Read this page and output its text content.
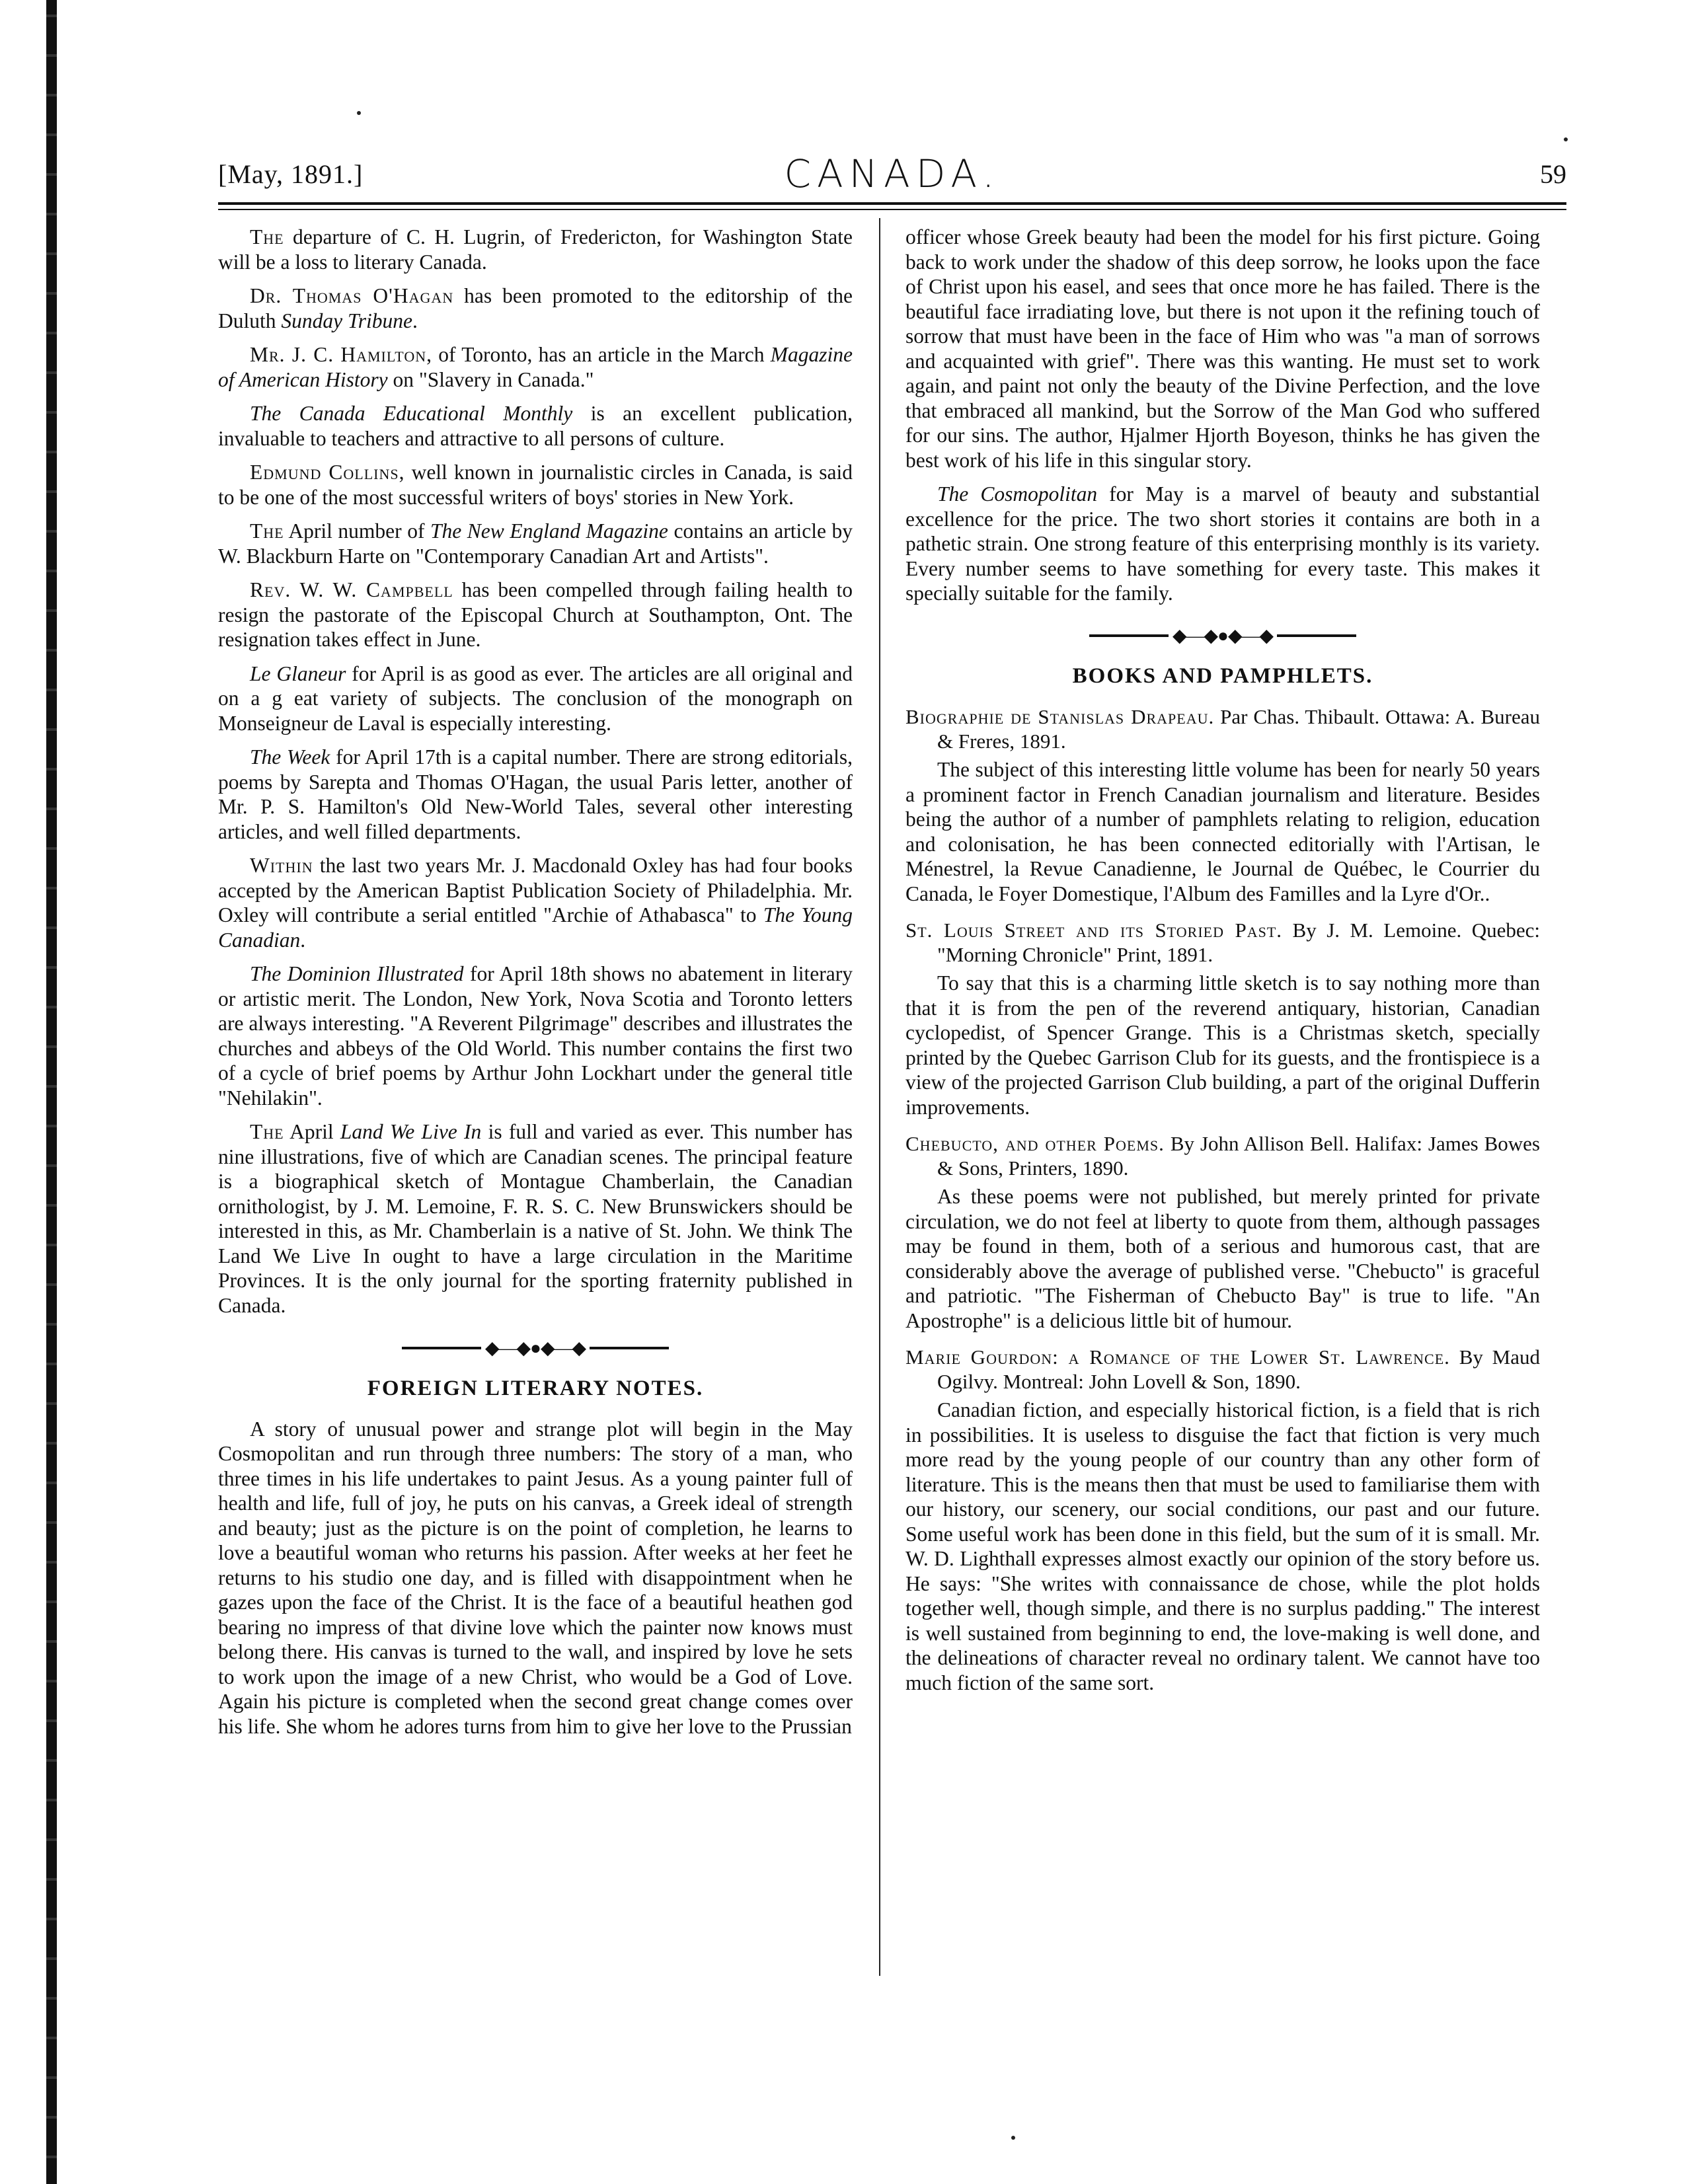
[May, 1891.]	CANADA.	59

The departure of C. H. Lugrin, of Fredericton, for Washington State will be a loss to literary Canada.

Dr. Thomas O'Hagan has been promoted to the editorship of the Duluth Sunday Tribune.

Mr. J. C. Hamilton, of Toronto, has an article in the March Magazine of American History on "Slavery in Canada."

The Canada Educational Monthly is an excellent publication, invaluable to teachers and attractive to all persons of culture.

Edmund Collins, well known in journalistic circles in Canada, is said to be one of the most successful writers of boys' stories in New York.

The April number of The New England Magazine contains an article by W. Blackburn Harte on "Contemporary Canadian Art and Artists".

Rev. W. W. Campbell has been compelled through failing health to resign the pastorate of the Episcopal Church at Southampton, Ont. The resignation takes effect in June.

Le Glaneur for April is as good as ever. The articles are all original and on a g eat variety of subjects. The conclusion of the monograph on Monseigneur de Laval is especially interesting.

The Week for April 17th is a capital number. There are strong editorials, poems by Sarepta and Thomas O'Hagan, the usual Paris letter, another of Mr. P. S. Hamilton's Old New-World Tales, several other interesting articles, and well filled departments.

Within the last two years Mr. J. Macdonald Oxley has had four books accepted by the American Baptist Publication Society of Philadelphia. Mr. Oxley will contribute a serial entitled "Archie of Athabasca" to The Young Canadian.

The Dominion Illustrated for April 18th shows no abatement in literary or artistic merit. The London, New York, Nova Scotia and Toronto letters are always interesting. "A Reverent Pilgrimage" describes and illustrates the churches and abbeys of the Old World. This number contains the first two of a cycle of brief poems by Arthur John Lockhart under the general title "Nehilakin".

The April Land We Live In is full and varied as ever. This number has nine illustrations, five of which are Canadian scenes. The principal feature is a biographical sketch of Montague Chamberlain, the Canadian ornithologist, by J. M. Lemoine, F. R. S. C. New Brunswickers should be interested in this, as Mr. Chamberlain is a native of St. John. We think The Land We Live In ought to have a large circulation in the Maritime Provinces. It is the only journal for the sporting fraternity published in Canada.

◆—◆●◆—◆
FOREIGN LITERARY NOTES.

A story of unusual power and strange plot will begin in the May Cosmopolitan and run through three numbers: The story of a man, who three times in his life undertakes to paint Jesus. As a young painter full of health and life, full of joy, he puts on his canvas, a Greek ideal of strength and beauty; just as the picture is on the point of completion, he learns to love a beautiful woman who returns his passion. After weeks at her feet he returns to his studio one day, and is filled with disappointment when he gazes upon the face of the Christ. It is the face of a beautiful heathen god bearing no impress of that divine love which the painter now knows must belong there. His canvas is turned to the wall, and inspired by love he sets to work upon the image of a new Christ, who would be a God of Love. Again his picture is completed when the second great change comes over his life. She whom he adores turns from him to give her love to the Prussian

officer whose Greek beauty had been the model for his first picture. Going back to work under the shadow of this deep sorrow, he looks upon the face of Christ upon his easel, and sees that once more he has failed. There is the beautiful face irradiating love, but there is not upon it the refining touch of sorrow that must have been in the face of Him who was "a man of sorrows and acquainted with grief". There was this wanting. He must set to work again, and paint not only the beauty of the Divine Perfection, and the love that embraced all mankind, but the Sorrow of the Man God who suffered for our sins. The author, Hjalmer Hjorth Boyeson, thinks he has given the best work of his life in this singular story.

The Cosmopolitan for May is a marvel of beauty and substantial excellence for the price. The two short stories it contains are both in a pathetic strain. One strong feature of this enterprising monthly is its variety. Every number seems to have something for every taste. This makes it specially suitable for the family.

◆—◆●◆—◆
BOOKS AND PAMPHLETS.

Biographie de Stanislas Drapeau. Par Chas. Thibault. Ottawa: A. Bureau & Freres, 1891.

The subject of this interesting little volume has been for nearly 50 years a prominent factor in French Canadian journalism and literature. Besides being the author of a number of pamphlets relating to religion, education and colonisation, he has been connected editorially with l'Artisan, le Ménestrel, la Revue Canadienne, le Journal de Québec, le Courrier du Canada, le Foyer Domestique, l'Album des Familles and la Lyre d'Or..

St. Louis Street and its Storied Past. By J. M. Lemoine. Quebec: "Morning Chronicle" Print, 1891.

To say that this is a charming little sketch is to say nothing more than that it is from the pen of the reverend antiquary, historian, Canadian cyclopedist, of Spencer Grange. This is a Christmas sketch, specially printed by the Quebec Garrison Club for its guests, and the frontispiece is a view of the projected Garrison Club building, a part of the original Dufferin improvements.

Chebucto, and other Poems. By John Allison Bell. Halifax: James Bowes & Sons, Printers, 1890.

As these poems were not published, but merely printed for private circulation, we do not feel at liberty to quote from them, although passages may be found in them, both of a serious and humorous cast, that are considerably above the average of published verse. "Chebucto" is graceful and patriotic. "The Fisherman of Chebucto Bay" is true to life. "An Apostrophe" is a delicious little bit of humour.

Marie Gourdon: a Romance of the Lower St. Lawrence. By Maud Ogilvy. Montreal: John Lovell & Son, 1890.

Canadian fiction, and especially historical fiction, is a field that is rich in possibilities. It is useless to disguise the fact that fiction is very much more read by the young people of our country than any other form of literature. This is the means then that must be used to familiarise them with our history, our scenery, our social conditions, our past and our future. Some useful work has been done in this field, but the sum of it is small. Mr. W. D. Lighthall expresses almost exactly our opinion of the story before us. He says: "She writes with connaissance de chose, while the plot holds together well, though simple, and there is no surplus padding." The interest is well sustained from beginning to end, the love-making is well done, and the delineations of character reveal no ordinary talent. We cannot have too much fiction of the same sort.
